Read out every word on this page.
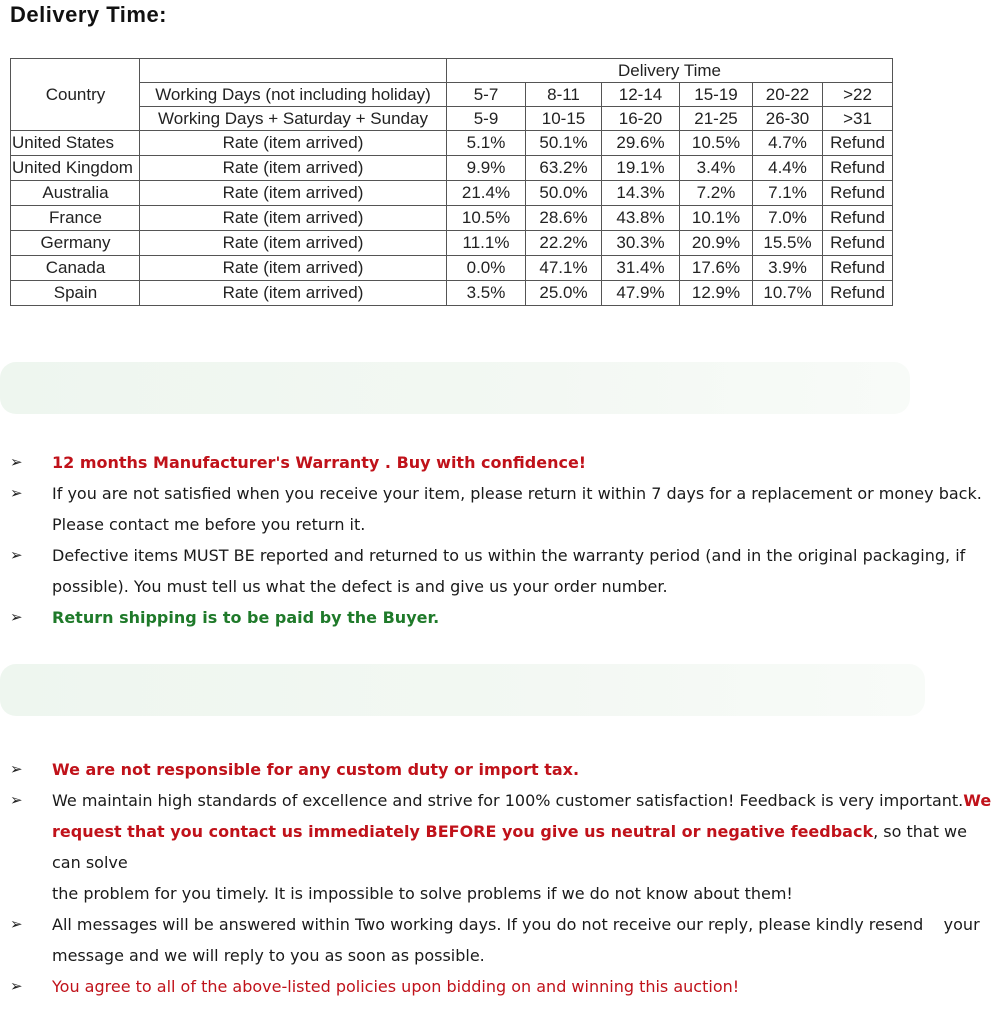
Delivery Time:
Country		Delivery Time					
	Working Days (not including holiday)	5-7	8-11	12-14	15-19	20-22	>22
	Working Days + Saturday + Sunday	5-9	10-15	16-20	21-25	26-30	>31
United States	Rate (item arrived)	5.1%	50.1%	29.6%	10.5%	4.7%	Refund
United Kingdom	Rate (item arrived)	9.9%	63.2%	19.1%	3.4%	4.4%	Refund
Australia	Rate (item arrived)	21.4%	50.0%	14.3%	7.2%	7.1%	Refund
France	Rate (item arrived)	10.5%	28.6%	43.8%	10.1%	7.0%	Refund
Germany	Rate (item arrived)	11.1%	22.2%	30.3%	20.9%	15.5%	Refund
Canada	Rate (item arrived)	0.0%	47.1%	31.4%	17.6%	3.9%	Refund
Spain	Rate (item arrived)	3.5%	25.0%	47.9%	12.9%	10.7%	Refund
➢	12 months Manufacturer's Warranty . Buy with confidence!
➢	If you are not satisfied when you receive your item, please return it within 7 days for a replacement or money back.
Please contact me before you return it.
➢	Defective items MUST BE reported and returned to us within the warranty period (and in the original packaging, if
possible). You must tell us what the defect is and give us your order number.
➢	Return shipping is to be paid by the Buyer.
➢	We are not responsible for any custom duty or import tax.
➢	We maintain high standards of excellence and strive for 100% customer satisfaction! Feedback is very important.We
request that you contact us immediately BEFORE you give us neutral or negative feedback, so that we can solve
the problem for you timely. It is impossible to solve problems if we do not know about them!
➢	All messages will be answered within Two working days. If you do not receive our reply, please kindly resend    your
message and we will reply to you as soon as possible.
➢	You agree to all of the above-listed policies upon bidding on and winning this auction!
